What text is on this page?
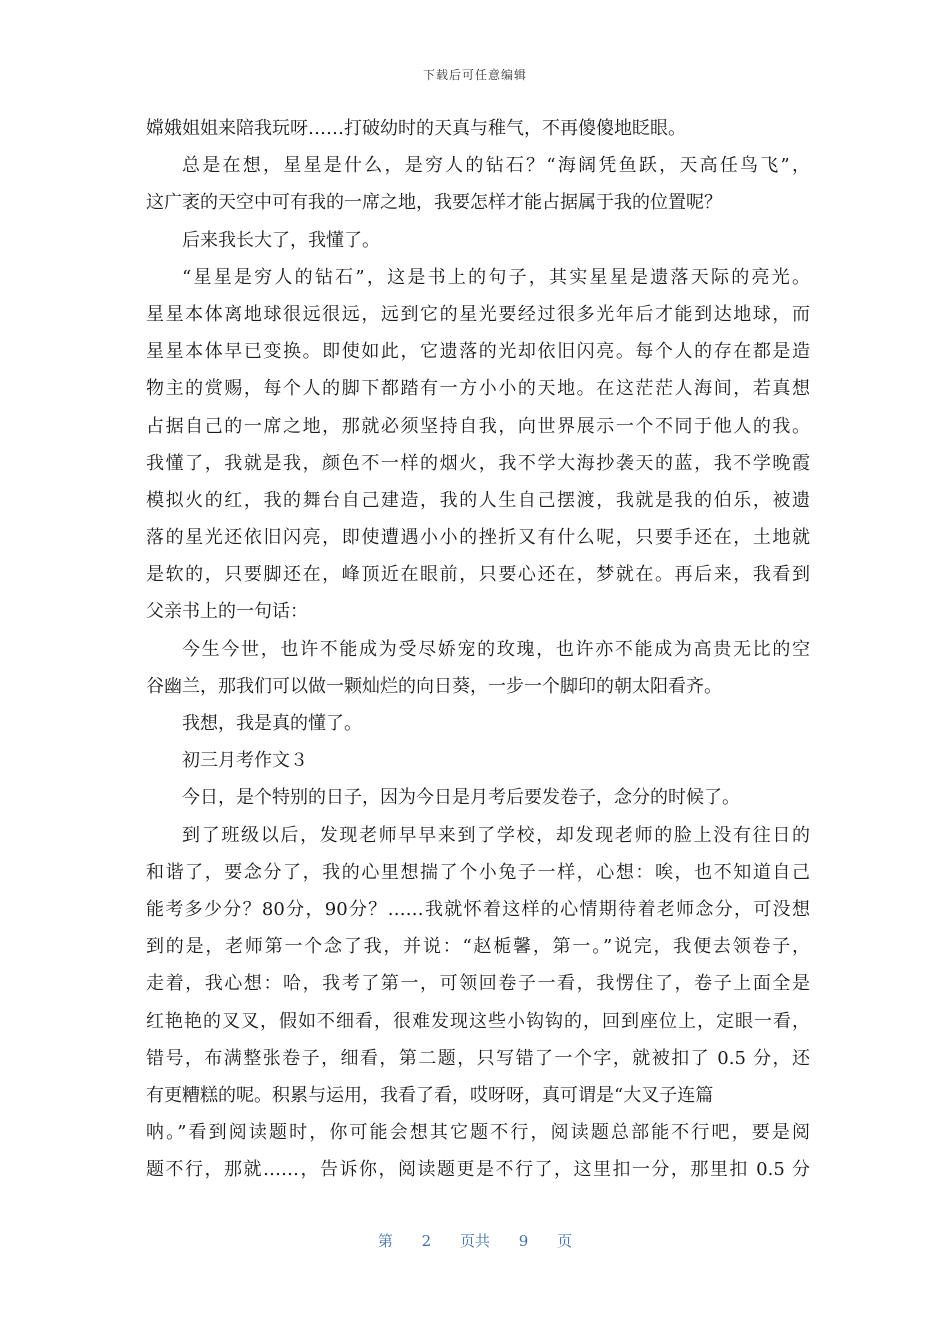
下载后可任意编辑
嫦娥姐姐来陪我玩呀……打破幼时的天真与稚气，不再傻傻地眨眼。
总是在想，星星是什么，是穷人的钻石？“海阔凭鱼跃，天高任鸟飞”，
这广袤的天空中可有我的一席之地，我要怎样才能占据属于我的位置呢？
后来我长大了，我懂了。
“星星是穷人的钻石”，这是书上的句子，其实星星是遗落天际的亮光。
星星本体离地球很远很远，远到它的星光要经过很多光年后才能到达地球，而
星星本体早已变换。即使如此，它遗落的光却依旧闪亮。每个人的存在都是造
物主的赏赐，每个人的脚下都踏有一方小小的天地。在这茫茫人海间，若真想
占据自己的一席之地，那就必须坚持自我，向世界展示一个不同于他人的我。
我懂了，我就是我，颜色不一样的烟火，我不学大海抄袭天的蓝，我不学晚霞
模拟火的红，我的舞台自己建造，我的人生自己摆渡，我就是我的伯乐，被遗
落的星光还依旧闪亮，即使遭遇小小的挫折又有什么呢，只要手还在，土地就
是软的，只要脚还在，峰顶近在眼前，只要心还在，梦就在。再后来，我看到
父亲书上的一句话：
今生今世，也许不能成为受尽娇宠的玫瑰，也许亦不能成为高贵无比的空
谷幽兰，那我们可以做一颗灿烂的向日葵，一步一个脚印的朝太阳看齐。
我想，我是真的懂了。
初三月考作文３
今日，是个特别的日子，因为今日是月考后要发卷子，念分的时候了。
到了班级以后，发现老师早早来到了学校，却发现老师的脸上没有往日的
和谐了，要念分了，我的心里想揣了个小兔子一样，心想：唉，也不知道自己
能考多少分？80分，90分？……我就怀着这样的心情期待着老师念分，可没想
到的是，老师第一个念了我，并说：“赵栀馨，第一。”说完，我便去领卷子，
走着，我心想：哈，我考了第一，可领回卷子一看，我愣住了，卷子上面全是
红艳艳的叉叉，假如不细看，很难发现这些小钩钩的，回到座位上，定眼一看，
错号，布满整张卷子，细看，第二题，只写错了一个字，就被扣了 0.5 分，还
有更糟糕的呢。积累与运用，我看了看，哎呀呀，真可谓是“大叉子连篇
呐。”看到阅读题时，你可能会想其它题不行，阅读题总部能不行吧，要是阅
题不行，那就……，告诉你，阅读题更是不行了，这里扣一分，那里扣 0.5 分
第 2 页共 9 页
